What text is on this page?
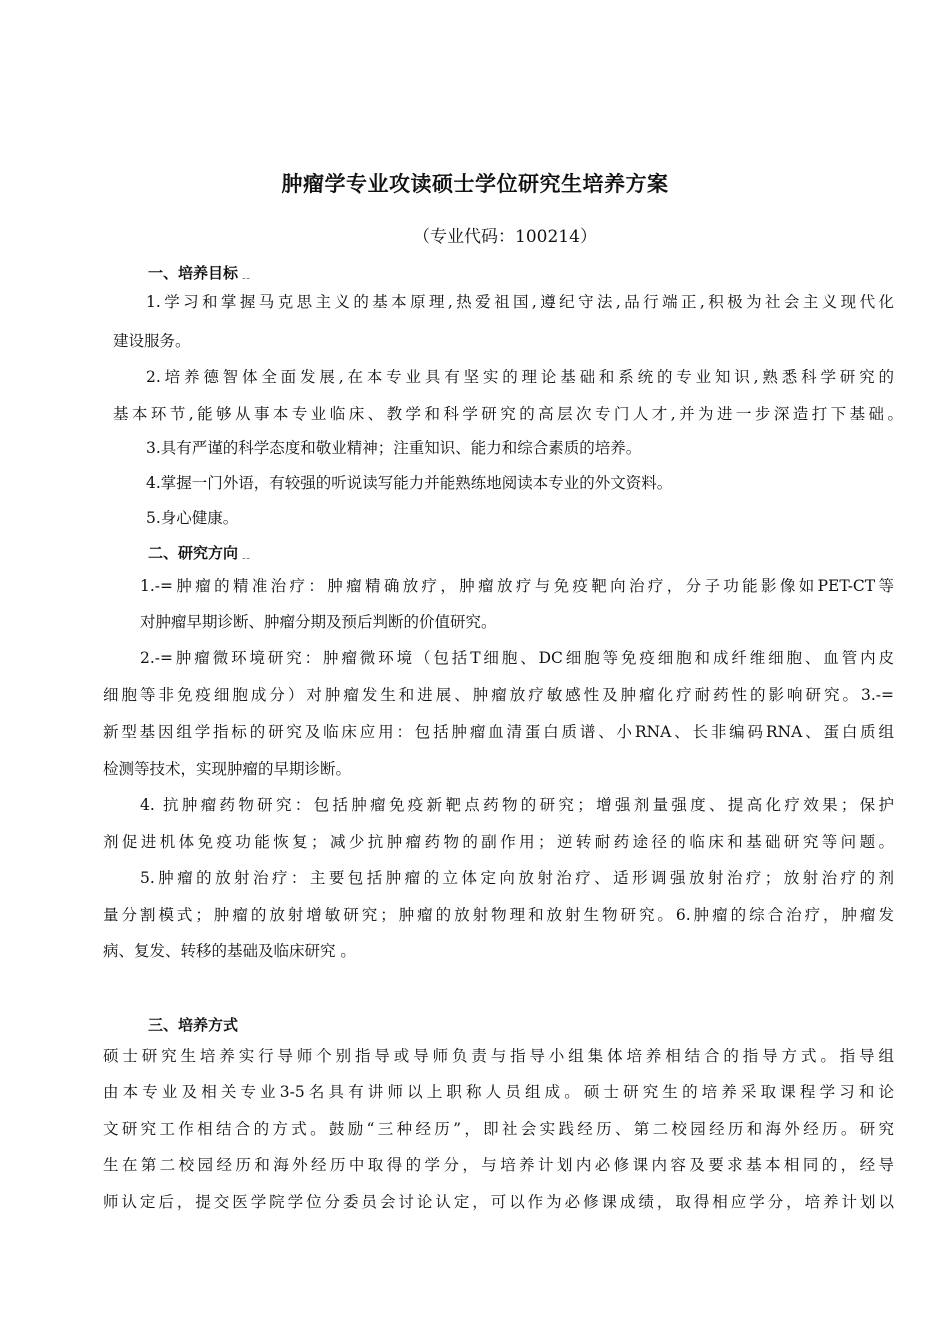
肿瘤学专业攻读硕士学位研究生培养方案
（专业代码：100214）
一、培养目标 ﹎
1.学习和掌握马克思主义的基本原理,热爱祖国,遵纪守法,品行端正,积极为社会主义现代化
建设服务。
2.培养德智体全面发展,在本专业具有坚实的理论基础和系统的专业知识,熟悉科学研究的
基本环节,能够从事本专业临床、教学和科学研究的高层次专门人才,并为进一步深造打下基础。
3.具有严谨的科学态度和敬业精神；注重知识、能力和综合素质的培养。
4.掌握一门外语，有较强的听说读写能力并能熟练地阅读本专业的外文资料。
5.身心健康。
二、研究方向 ﹎
1.-=肿瘤的精准治疗：肿瘤精确放疗，肿瘤放疗与免疫靶向治疗，分子功能影像如PET-CT等
对肿瘤早期诊断、肿瘤分期及预后判断的价值研究。
2.-=肿瘤微环境研究：肿瘤微环境（包括T细胞、DC细胞等免疫细胞和成纤维细胞、血管内皮
细胞等非免疫细胞成分）对肿瘤发生和进展、肿瘤放疗敏感性及肿瘤化疗耐药性的影响研究。3.-=
新型基因组学指标的研究及临床应用：包括肿瘤血清蛋白质谱、小RNA、长非编码RNA、蛋白质组
检测等技术，实现肿瘤的早期诊断。
4. 抗肿瘤药物研究：包括肿瘤免疫新靶点药物的研究；增强剂量强度、提高化疗效果；保护
剂促进机体免疫功能恢复；减少抗肿瘤药物的副作用；逆转耐药途径的临床和基础研究等问题。
5.肿瘤的放射治疗：主要包括肿瘤的立体定向放射治疗、适形调强放射治疗；放射治疗的剂
量分割模式；肿瘤的放射增敏研究；肿瘤的放射物理和放射生物研究。6.肿瘤的综合治疗，肿瘤发
病、复发、转移的基础及临床研究 。
三、培养方式
硕士研究生培养实行导师个别指导或导师负责与指导小组集体培养相结合的指导方式。指导组
由本专业及相关专业3-5名具有讲师以上职称人员组成。硕士研究生的培养采取课程学习和论
文研究工作相结合的方式。鼓励“三种经历”，即社会实践经历、第二校园经历和海外经历。研究
生在第二校园经历和海外经历中取得的学分，与培养计划内必修课内容及要求基本相同的，经导
师认定后，提交医学院学位分委员会讨论认定，可以作为必修课成绩，取得相应学分，培养计划以
